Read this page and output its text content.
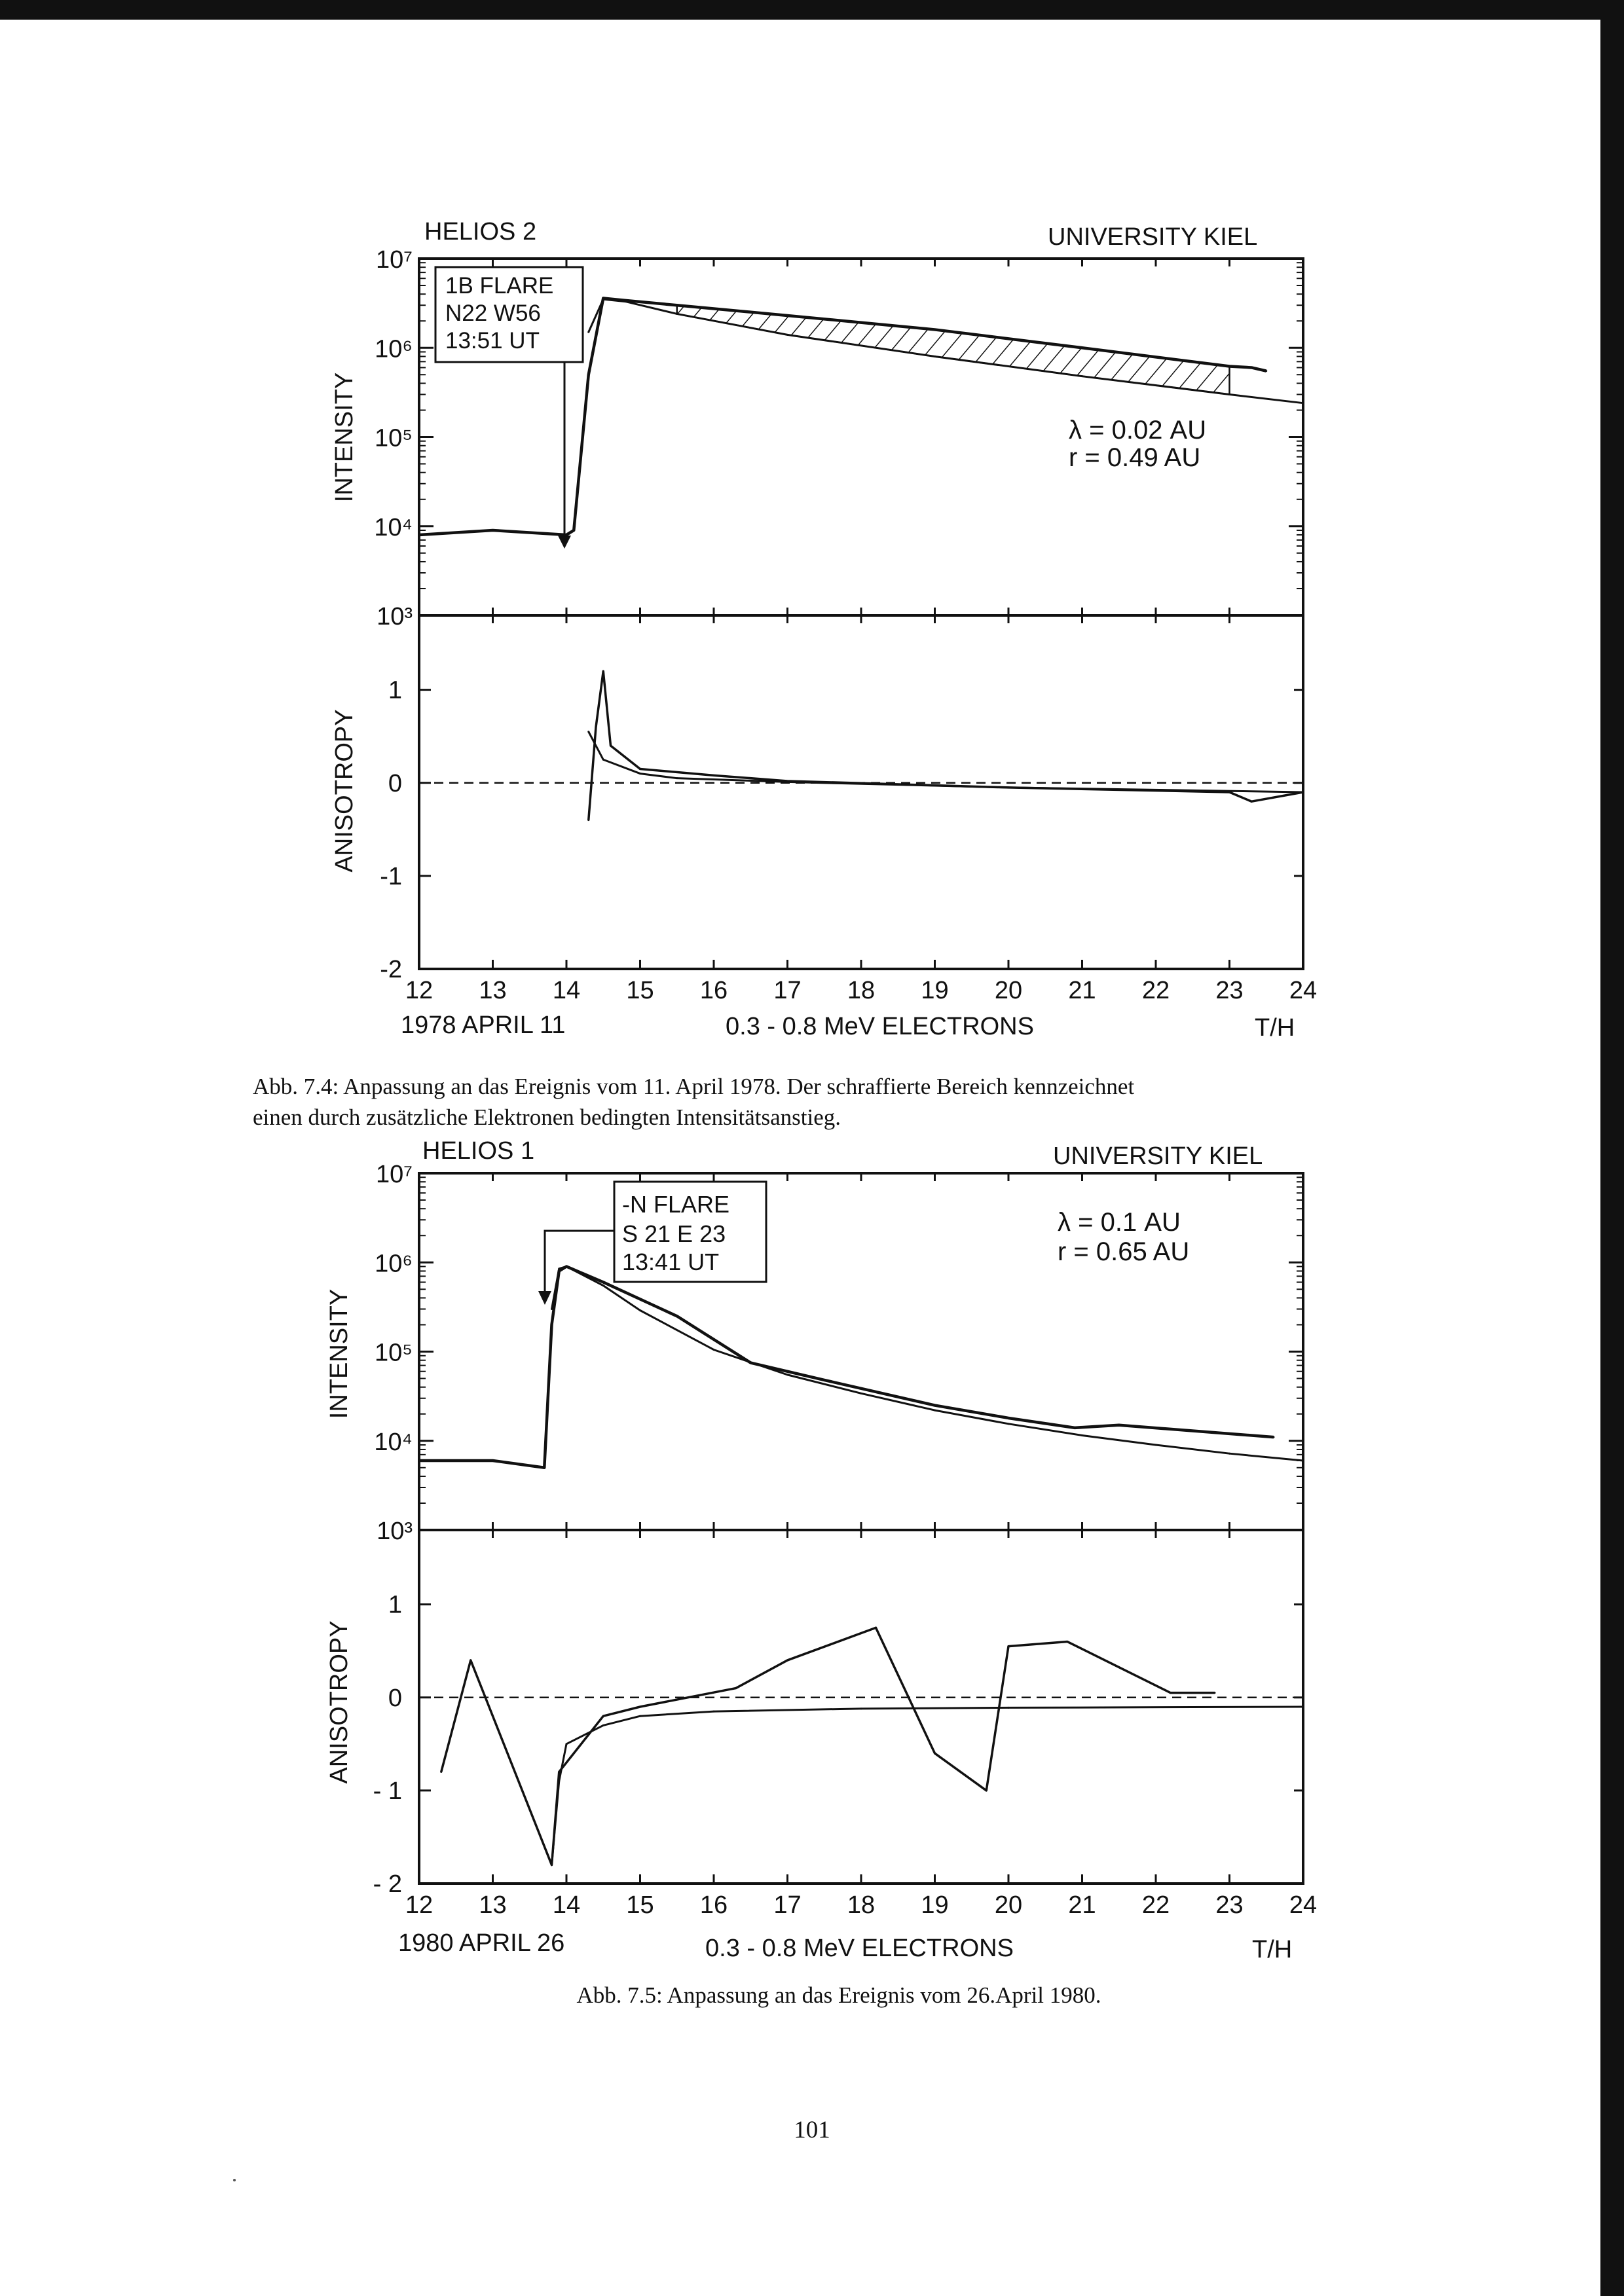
HELIOS 2	UNIVERSITY KIEL
INTENSITY
ANISOTROPY
1B FLARE
N22 W56
13:51 UT
λ = 0.02 AU
r = 0.49 AU
1978 APRIL 11	0.3 - 0.8 MeV ELECTRONS	T/H
12 13 14 15 16 17 18 19 20 21 22 23 24
10⁷
10⁶
10⁵
10⁴
10³
1
0
-1
-2
HELIOS 1	UNIVERSITY KIEL
INTENSITY
ANISOTROPY
-N FLARE
S 21 E 23
13:41 UT
λ = 0.1 AU
r = 0.65 AU
1980 APRIL 26	0.3 - 0.8 MeV ELECTRONS	T/H
12 13 14 15 16 17 18 19 20 21 22 23 24
10⁷
10⁶
10⁵
10⁴
10³
1
0
- 1
- 2
Abb. 7.4: Anpassung an das Ereignis vom 11. April 1978. Der schraffierte Bereich kennzeichnet
einen durch zusätzliche Elektronen bedingten Intensitätsanstieg.
Abb. 7.5: Anpassung an das Ereignis vom 26.April 1980.
101
